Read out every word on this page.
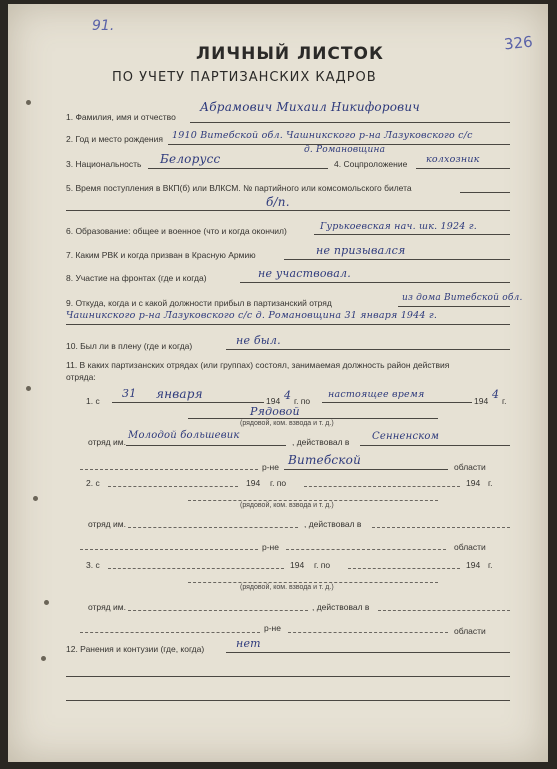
91.
326
ЛИЧНЫЙ ЛИСТОК
ПО УЧЕТУ ПАРТИЗАНСКИХ КАДРОВ
1. Фамилия, имя и отчество
Абрамович Михаил Никифорович
2. Год и место рождения 1910 Витебской обл. Чашникского р-на Лазуковского с/с
д. Романовщина
3. Национальность Белорусс	4. Соцпроложение колхозник
5. Время поступления в ВКП(б) или ВЛКСМ. № партийного или комсомольского билета
б/п.
6. Образование: общее и военное (что и когда окончил)	Гурькоевская нач. шк. 1924 г.
7. Каким РВК и когда призван в Красную Армию	не призывался
8. Участие на фронтах (где и когда)	не участвовал.
9. Откуда, когда и с какой должности прибыл в партизанский отряд	из дома Витебской обл.
Чашникского р-на Лазуковского с/с д. Романовщина 31 января 1944 г.
10. Был ли в плену (где и когда)	не был.
11. В каких партизанских отрядах (или группах) состоял, занимаемая должность район действия
отряда:
1. с
31 января	194 4 г. по
настоящее время
194 4 г.
Рядовой
(рядовой, ком. взвода и т. д.)
отряд им.
Молодой большевик
, действовал в Сенненском
р-не Витебской	области
2. с	194 г. по	194 г.
(рядовой, ком. взвода и т. д.)
отряд им.	, действовал в
р-не	области
3. с	194 г. по	194 г.
(рядовой, ком. взвода и т. д.)
отряд им.	, действовал в
р-не	области
12. Ранения и контузии (где, когда)	нет
